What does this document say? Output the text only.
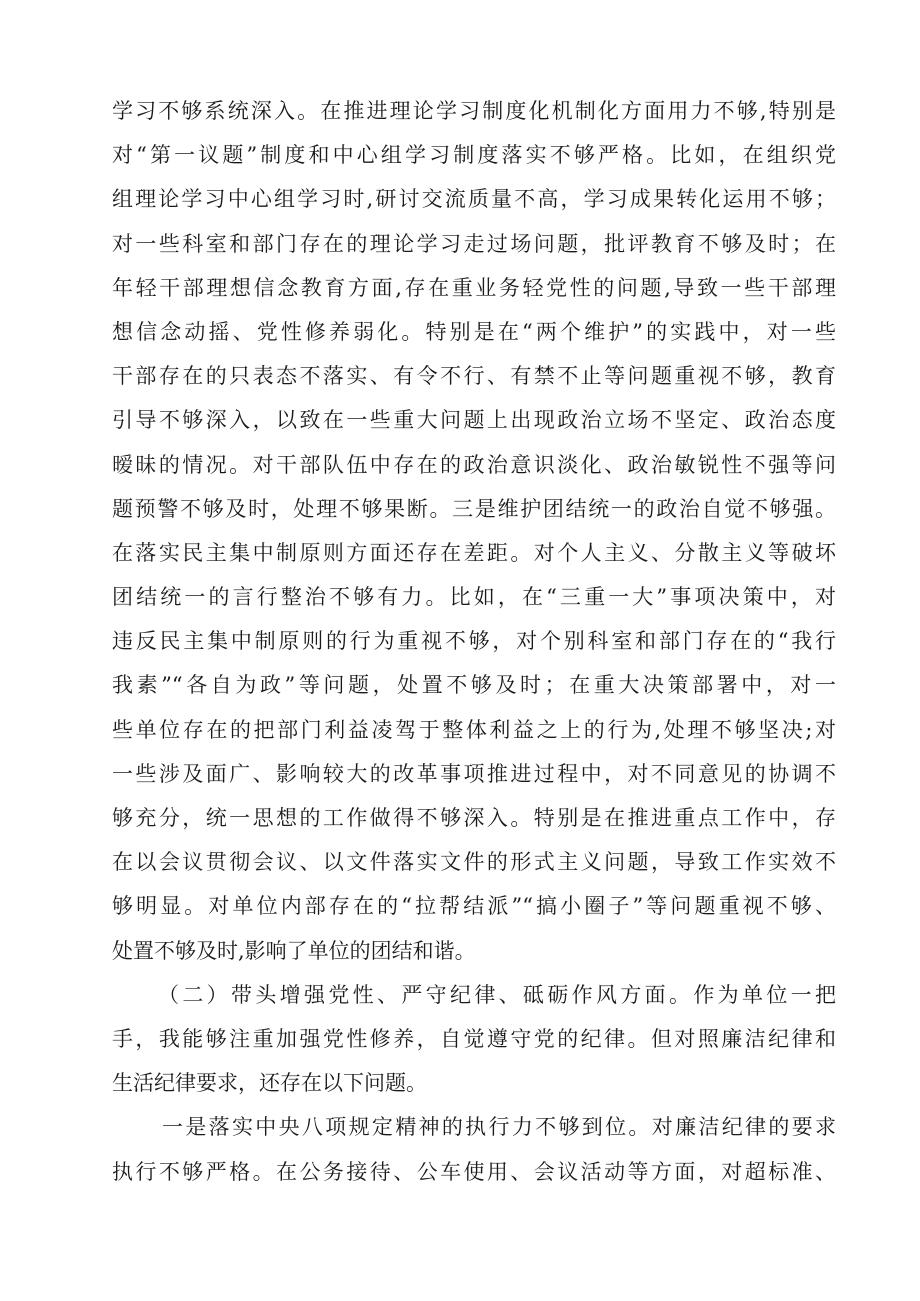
学习不够系统深入。在推进理论学习制度化机制化方面用力不够,特别是
对“第一议题”制度和中心组学习制度落实不够严格。比如，在组织党
组理论学习中心组学习时,研讨交流质量不高，学习成果转化运用不够；
对一些科室和部门存在的理论学习走过场问题，批评教育不够及时；在
年轻干部理想信念教育方面,存在重业务轻党性的问题,导致一些干部理
想信念动摇、党性修养弱化。特别是在“两个维护”的实践中，对一些
干部存在的只表态不落实、有令不行、有禁不止等问题重视不够，教育
引导不够深入，以致在一些重大问题上出现政治立场不坚定、政治态度
暧昧的情况。对干部队伍中存在的政治意识淡化、政治敏锐性不强等问
题预警不够及时，处理不够果断。三是维护团结统一的政治自觉不够强。
在落实民主集中制原则方面还存在差距。对个人主义、分散主义等破坏
团结统一的言行整治不够有力。比如，在“三重一大”事项决策中，对
违反民主集中制原则的行为重视不够，对个别科室和部门存在的“我行
我素”“各自为政”等问题，处置不够及时；在重大决策部署中，对一
些单位存在的把部门利益凌驾于整体利益之上的行为,处理不够坚决;对
一些涉及面广、影响较大的改革事项推进过程中，对不同意见的协调不
够充分，统一思想的工作做得不够深入。特别是在推进重点工作中，存
在以会议贯彻会议、以文件落实文件的形式主义问题，导致工作实效不
够明显。对单位内部存在的“拉帮结派”“搞小圈子”等问题重视不够、
处置不够及时,影响了单位的团结和谐。
（二）带头增强党性、严守纪律、砥砺作风方面。作为单位一把
手，我能够注重加强党性修养，自觉遵守党的纪律。但对照廉洁纪律和
生活纪律要求，还存在以下问题。
一是落实中央八项规定精神的执行力不够到位。对廉洁纪律的要求
执行不够严格。在公务接待、公车使用、会议活动等方面，对超标准、
